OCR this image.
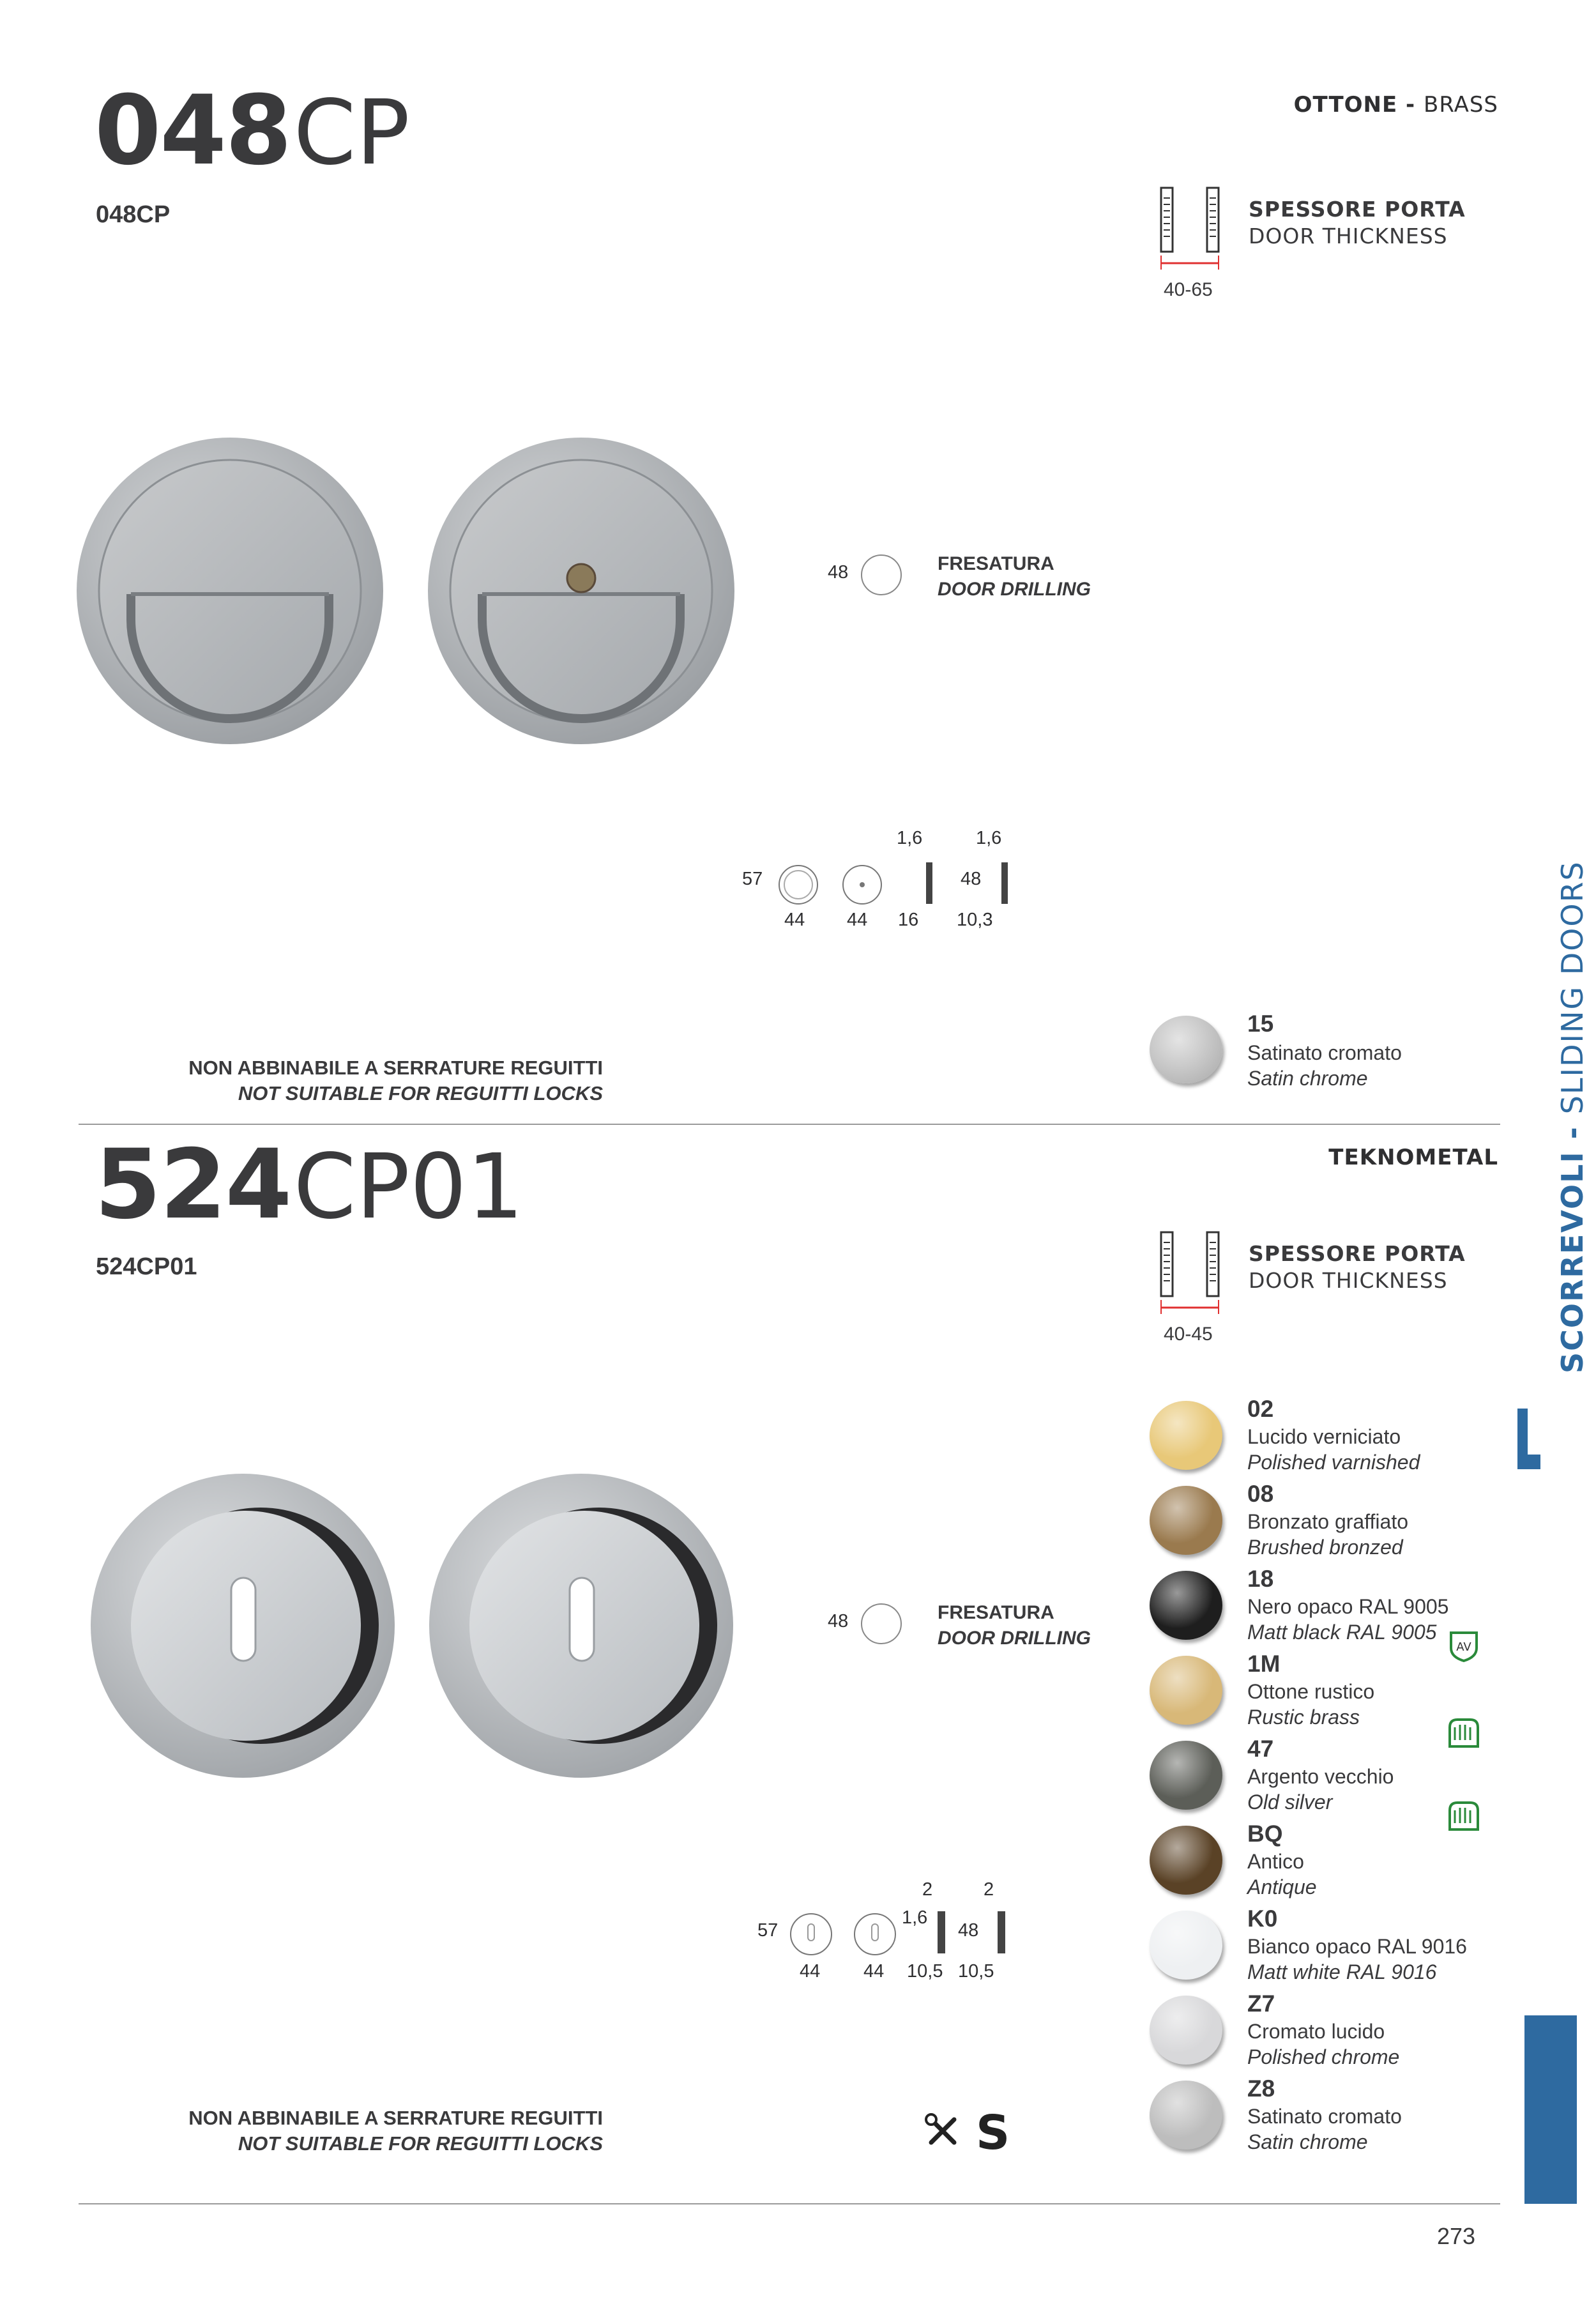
048 CP
048CP
OTTONE - BRASS
40-65
SPESSORE PORTA
DOOR THICKNESS
48	FRESATURA
DOOR DRILLING
57
44 44
1,6	1,6
16
48
10,3
15
Satinato cromato
Satin chrome
NON ABBINABILE A SERRATURE REGUITTI
NOT SUITABLE FOR REGUITTI LOCKS
524 CP01
524CP01
TEKNOMETAL
40-45
SPESSORE PORTA
DOOR THICKNESS
48	FRESATURA
DOOR DRILLING
57
44 44
2	2
1,6
10,5
48
10,5
S
NON ABBINABILE A SERRATURE REGUITTI
NOT SUITABLE FOR REGUITTI LOCKS
02
Lucido verniciato
Polished varnished
08
Bronzato graffiato
Brushed bronzed
18
Nero opaco RAL 9005
Matt black RAL 9005
1M
Ottone rustico
Rustic brass
47
Argento vecchio
Old silver
BQ
Antico
Antique
K0
Bianco opaco RAL 9016
Matt white RAL 9016
Z7
Cromato lucido
Polished chrome
Z8
Satinato cromato
Satin chrome
AV
SCORREVOLI - SLIDING DOORS
273
